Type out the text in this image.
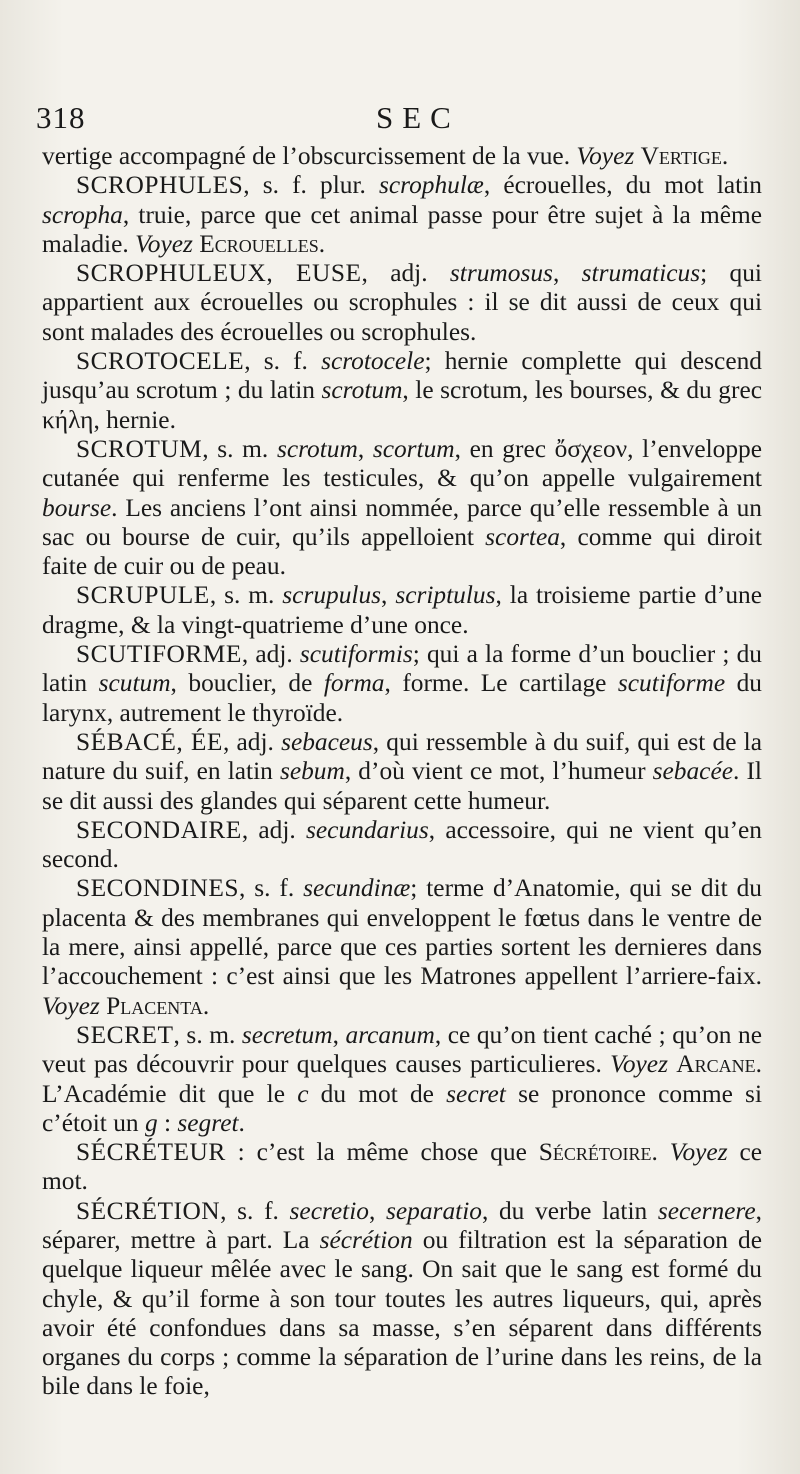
318	SEC

vertige accompagné de l’obscurcissement de la vue. Voyez Vertige.

SCROPHULES, s. f. plur. scrophulæ, écrouelles, du mot latin scropha, truie, parce que cet animal passe pour être sujet à la même maladie. Voyez Ecrouelles.

SCROPHULEUX, EUSE, adj. strumosus, strumaticus; qui appartient aux écrouelles ou scrophules : il se dit aussi de ceux qui sont malades des écrouelles ou scrophules.

SCROTOCELE, s. f. scrotocele; hernie complette qui descend jusqu’au scrotum ; du latin scrotum, le scrotum, les bourses, & du grec κήλη, hernie.

SCROTUM, s. m. scrotum, scortum, en grec ὄσχεον, l’enveloppe cutanée qui renferme les testicules, & qu’on appelle vulgairement bourse. Les anciens l’ont ainsi nommée, parce qu’elle ressemble à un sac ou bourse de cuir, qu’ils appelloient scortea, comme qui diroit faite de cuir ou de peau.

SCRUPULE, s. m. scrupulus, scriptulus, la troisieme partie d’une dragme, & la vingt-quatrieme d’une once.

SCUTIFORME, adj. scutiformis; qui a la forme d’un bouclier ; du latin scutum, bouclier, de forma, forme. Le cartilage scutiforme du larynx, autrement le thyroïde.

SÉBACÉ, ÉE, adj. sebaceus, qui ressemble à du suif, qui est de la nature du suif, en latin sebum, d’où vient ce mot, l’humeur sebacée. Il se dit aussi des glandes qui séparent cette humeur.

SECONDAIRE, adj. secundarius, accessoire, qui ne vient qu’en second.

SECONDINES, s. f. secundinæ; terme d’Anatomie, qui se dit du placenta & des membranes qui enveloppent le fœtus dans le ventre de la mere, ainsi appellé, parce que ces parties sortent les dernieres dans l’accouchement : c’est ainsi que les Matrones appellent l’arriere-faix. Voyez Placenta.

SECRET, s. m. secretum, arcanum, ce qu’on tient caché ; qu’on ne veut pas découvrir pour quelques causes particulieres. Voyez Arcane. L’Académie dit que le c du mot de secret se prononce comme si c’étoit un g : segret.

SÉCRÉTEUR : c’est la même chose que Sécrétoire. Voyez ce mot.

SÉCRÉTION, s. f. secretio, separatio, du verbe latin secernere, séparer, mettre à part. La sécrétion ou filtration est la séparation de quelque liqueur mêlée avec le sang. On sait que le sang est formé du chyle, & qu’il forme à son tour toutes les autres liqueurs, qui, après avoir été confondues dans sa masse, s’en séparent dans différents organes du corps ; comme la séparation de l’urine dans les reins, de la bile dans le foie,
